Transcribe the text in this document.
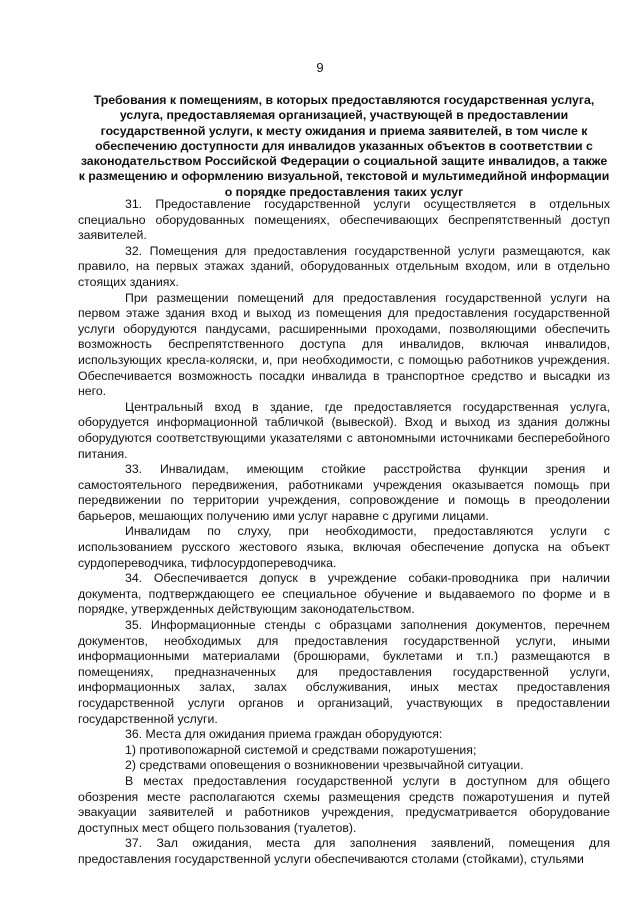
9
Требования к помещениям, в которых предоставляются государственная услуга, услуга, предоставляемая организацией, участвующей в предоставлении государственной услуги, к месту ожидания и приема заявителей, в том числе к обеспечению доступности для инвалидов указанных объектов в соответствии с законодательством Российской Федерации о социальной защите инвалидов, а также к размещению и оформлению визуальной, текстовой и мультимедийной информации о порядке предоставления таких услуг

31. Предоставление государственной услуги осуществляется в отдельных специально оборудованных помещениях, обеспечивающих беспрепятственный доступ заявителей.

32. Помещения для предоставления государственной услуги размещаются, как правило, на первых этажах зданий, оборудованных отдельным входом, или в отдельно стоящих зданиях.

При размещении помещений для предоставления государственной услуги на первом этаже здания вход и выход из помещения для предоставления государственной услуги оборудуются пандусами, расширенными проходами, позволяющими обеспечить возможность беспрепятственного доступа для инвалидов, включая инвалидов, использующих кресла-коляски, и, при необходимости, с помощью работников учреждения. Обеспечивается возможность посадки инвалида в транспортное средство и высадки из него.

Центральный вход в здание, где предоставляется государственная услуга, оборудуется информационной табличкой (вывеской). Вход и выход из здания должны оборудуются соответствующими указателями с автономными источниками бесперебойного питания.

33. Инвалидам, имеющим стойкие расстройства функции зрения и самостоятельного передвижения, работниками учреждения оказывается помощь при передвижении по территории учреждения, сопровождение и помощь в преодолении барьеров, мешающих получению ими услуг наравне с другими лицами.

Инвалидам по слуху, при необходимости, предоставляются услуги с использованием русского жестового языка, включая обеспечение допуска на объект сурдопереводчика, тифлосурдопереводчика.

34. Обеспечивается допуск в учреждение собаки-проводника при наличии документа, подтверждающего ее специальное обучение и выдаваемого по форме и в порядке, утвержденных действующим законодательством.

35. Информационные стенды с образцами заполнения документов, перечнем документов, необходимых для предоставления государственной услуги, иными информационными материалами (брошюрами, буклетами и т.п.) размещаются в помещениях, предназначенных для предоставления государственной услуги, информационных залах, залах обслуживания, иных местах предоставления государственной услуги органов и организаций, участвующих в предоставлении государственной услуги.

36. Места для ожидания приема граждан оборудуются:

1) противопожарной системой и средствами пожаротушения;

2) средствами оповещения о возникновении чрезвычайной ситуации.

В местах предоставления государственной услуги в доступном для общего обозрения месте располагаются схемы размещения средств пожаротушения и путей эвакуации заявителей и работников учреждения, предусматривается оборудование доступных мест общего пользования (туалетов).

37. Зал ожидания, места для заполнения заявлений, помещения для предоставления государственной услуги обеспечиваются столами (стойками), стульями
